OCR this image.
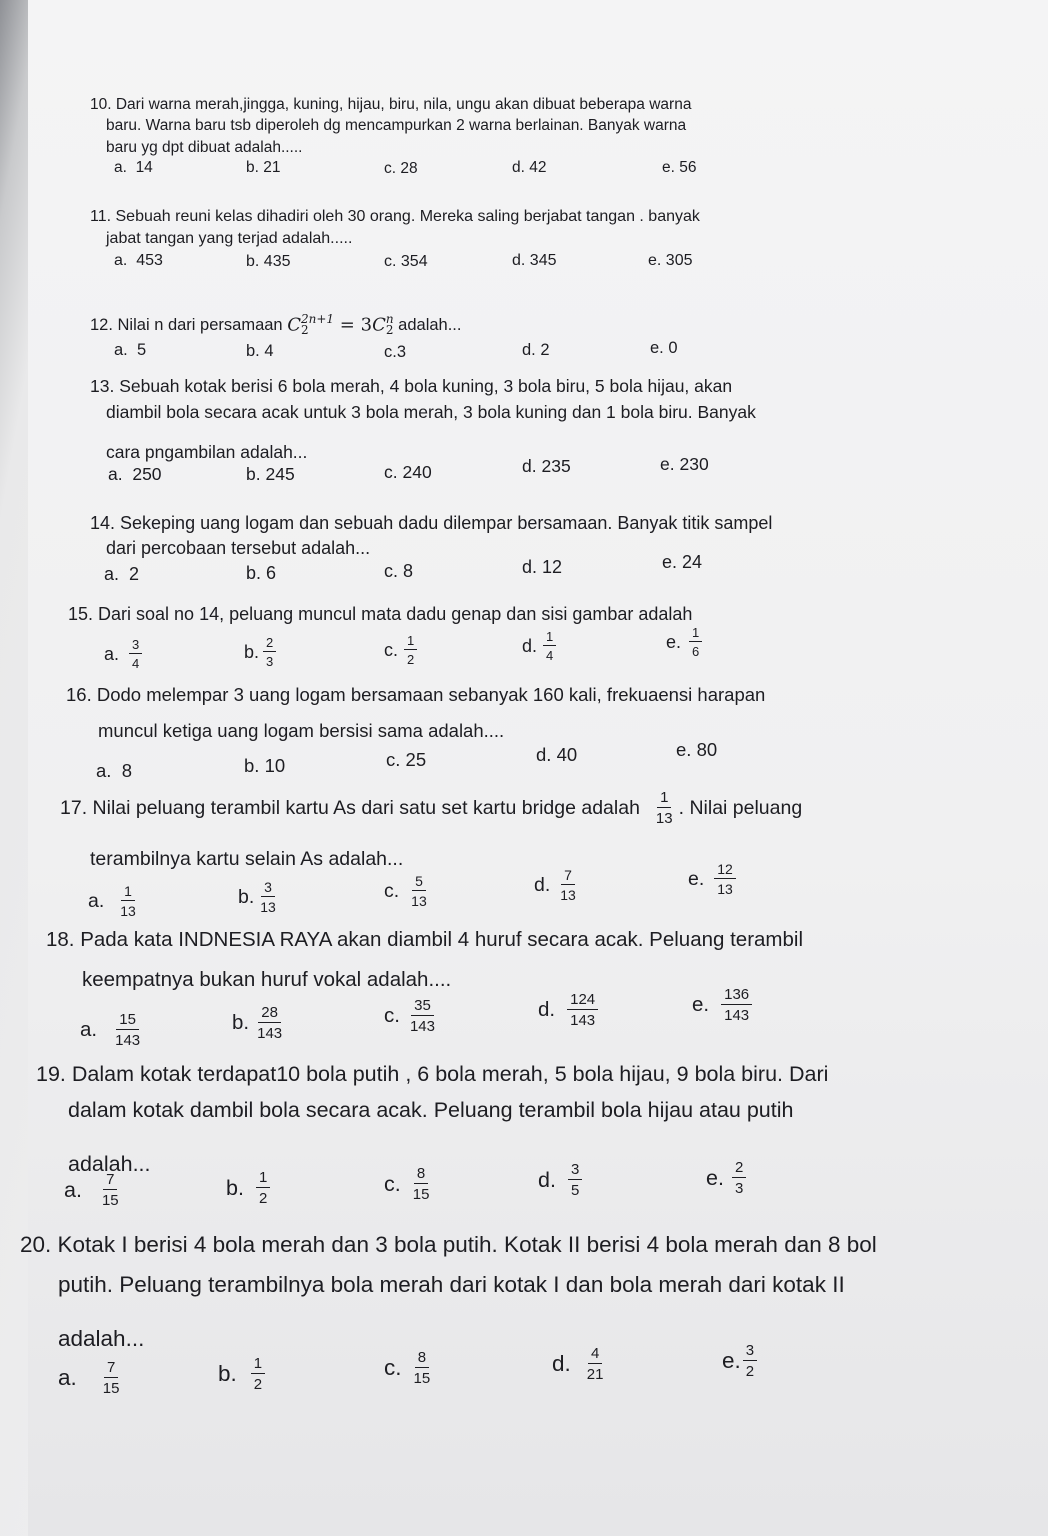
10. Dari warna merah,jingga, kuning, hijau, biru, nila, ungu akan dibuat beberapa warna
baru. Warna baru tsb diperoleh dg mencampurkan 2 warna berlainan. Banyak warna
baru yg dpt dibuat adalah.....
a.
14	b.
21	c.
28	d.
42	e.
56
11. Sebuah reuni kelas dihadiri oleh 30 orang. Mereka saling berjabat tangan . banyak
jabat tangan yang terjad adalah.....
a.
453	b.
435	c.
354	d.
345	e.
305
12. Nilai n dari persamaan
C 2n+1
2	= 3C n
2
adalah...
a.
5	b.
4	c. 3	d.
2	e.
0
13. Sebuah kotak berisi 6 bola merah, 4 bola kuning, 3 bola biru, 5 bola hijau, akan
diambil bola secara acak untuk 3 bola merah, 3 bola kuning dan 1 bola biru. Banyak
cara pngambilan adalah...
a.
250	b.
245	c.
240	d.
235	e.
230
14. Sekeping uang logam dan sebuah dadu dilempar bersamaan. Banyak titik sampel
dari percobaan tersebut adalah...
a.
2	b.
6	c.
8	d.
12	e.
24
15. Dari soal no 14, peluang muncul mata dadu genap dan sisi gambar adalah
a. $\frac{3}{4}$	b. $\frac{2}{3}$	c. $\frac{1}{2}$	d. $\frac{1}{4}$	e. $\frac{1}{6}$
16. Dodo melempar 3 uang logam bersamaan sebanyak 160 kali, frekuaensi harapan
muncul ketiga uang logam bersisi sama adalah....
a.
8	b.
10	c.
25	d.
40	e.
80
17. Nilai peluang terambil kartu As dari satu set kartu bridge adalah $\frac{1}{13}$ . Nilai peluang
terambilnya kartu selain As adalah...
a. $\frac{1}{13}$	b. $\frac{3}{13}$	c. $\frac{5}{13}$	d. $\frac{7}{13}$	e. $\frac{12}{13}$
18. Pada kata INDNESIA RAYA akan diambil 4 huruf secara acak. Peluang terambil
keempatnya bukan huruf vokal adalah....
a. $\frac{15}{143}$	b. $\frac{28}{143}$	c. $\frac{35}{143}$	d. $\frac{124}{143}$	e. $\frac{136}{143}$
19. Dalam kotak terdapat10 bola putih , 6 bola merah, 5 bola hijau, 9 bola biru. Dari
dalam kotak dambil bola secara acak. Peluang terambil bola hijau atau putih
adalah...
a. $\frac{7}{15}$	b. $\frac{1}{2}$	c. $\frac{8}{15}$	d. $\frac{3}{5}$	e. $\frac{2}{3}$
20. Kotak I berisi 4 bola merah dan 3 bola putih. Kotak II berisi 4 bola merah dan 8 bol
putih. Peluang terambilnya bola merah dari kotak I dan bola merah dari kotak II
adalah...
a. $\frac{7}{15}$	b. $\frac{1}{2}$	c. $\frac{8}{15}$	d. $\frac{4}{21}$	e. $\frac{3}{2}$
